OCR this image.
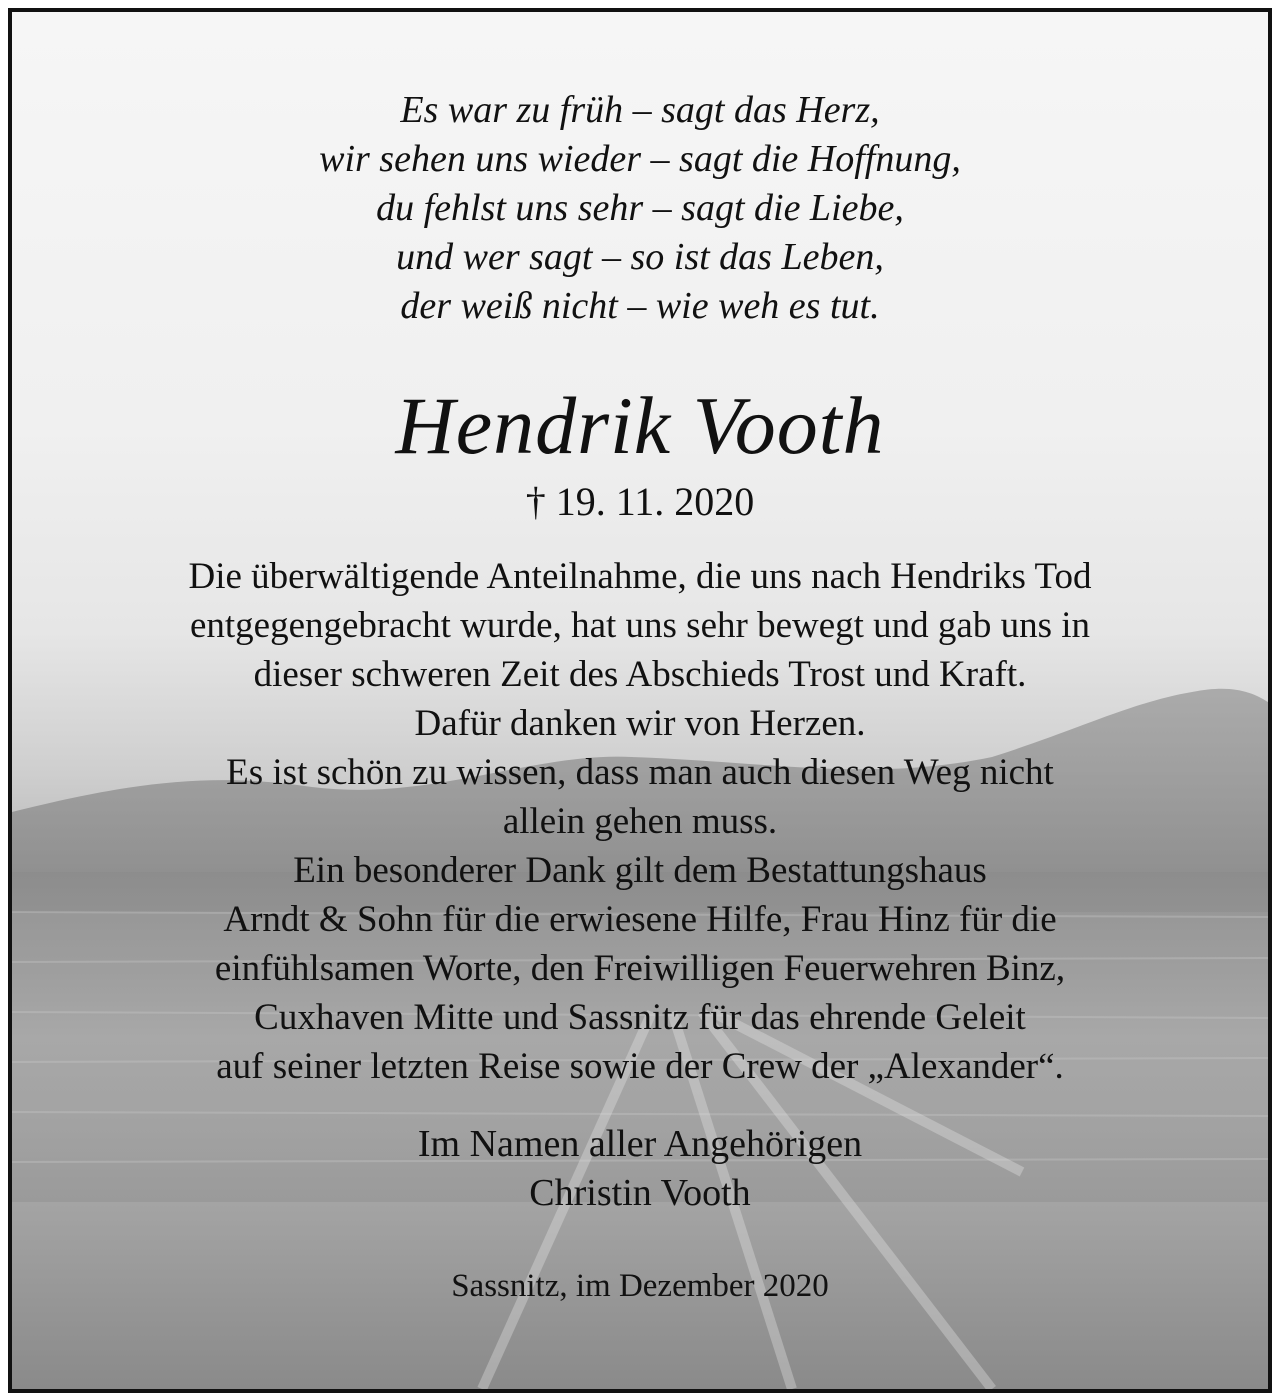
Es war zu früh – sagt das Herz,
wir sehen uns wieder – sagt die Hoffnung,
du fehlst uns sehr – sagt die Liebe,
und wer sagt – so ist das Leben,
der weiß nicht – wie weh es tut.
Hendrik Vooth
† 19. 11. 2020
Die überwältigende Anteilnahme, die uns nach Hendriks Tod
entgegengebracht wurde, hat uns sehr bewegt und gab uns in
dieser schweren Zeit des Abschieds Trost und Kraft.
Dafür danken wir von Herzen.
Es ist schön zu wissen, dass man auch diesen Weg nicht
allein gehen muss.
Ein besonderer Dank gilt dem Bestattungshaus
Arndt & Sohn für die erwiesene Hilfe, Frau Hinz für die
einfühlsamen Worte, den Freiwilligen Feuerwehren Binz,
Cuxhaven Mitte und Sassnitz für das ehrende Geleit
auf seiner letzten Reise sowie der Crew der „Alexander“.
Im Namen aller Angehörigen
Christin Vooth
Sassnitz, im Dezember 2020
